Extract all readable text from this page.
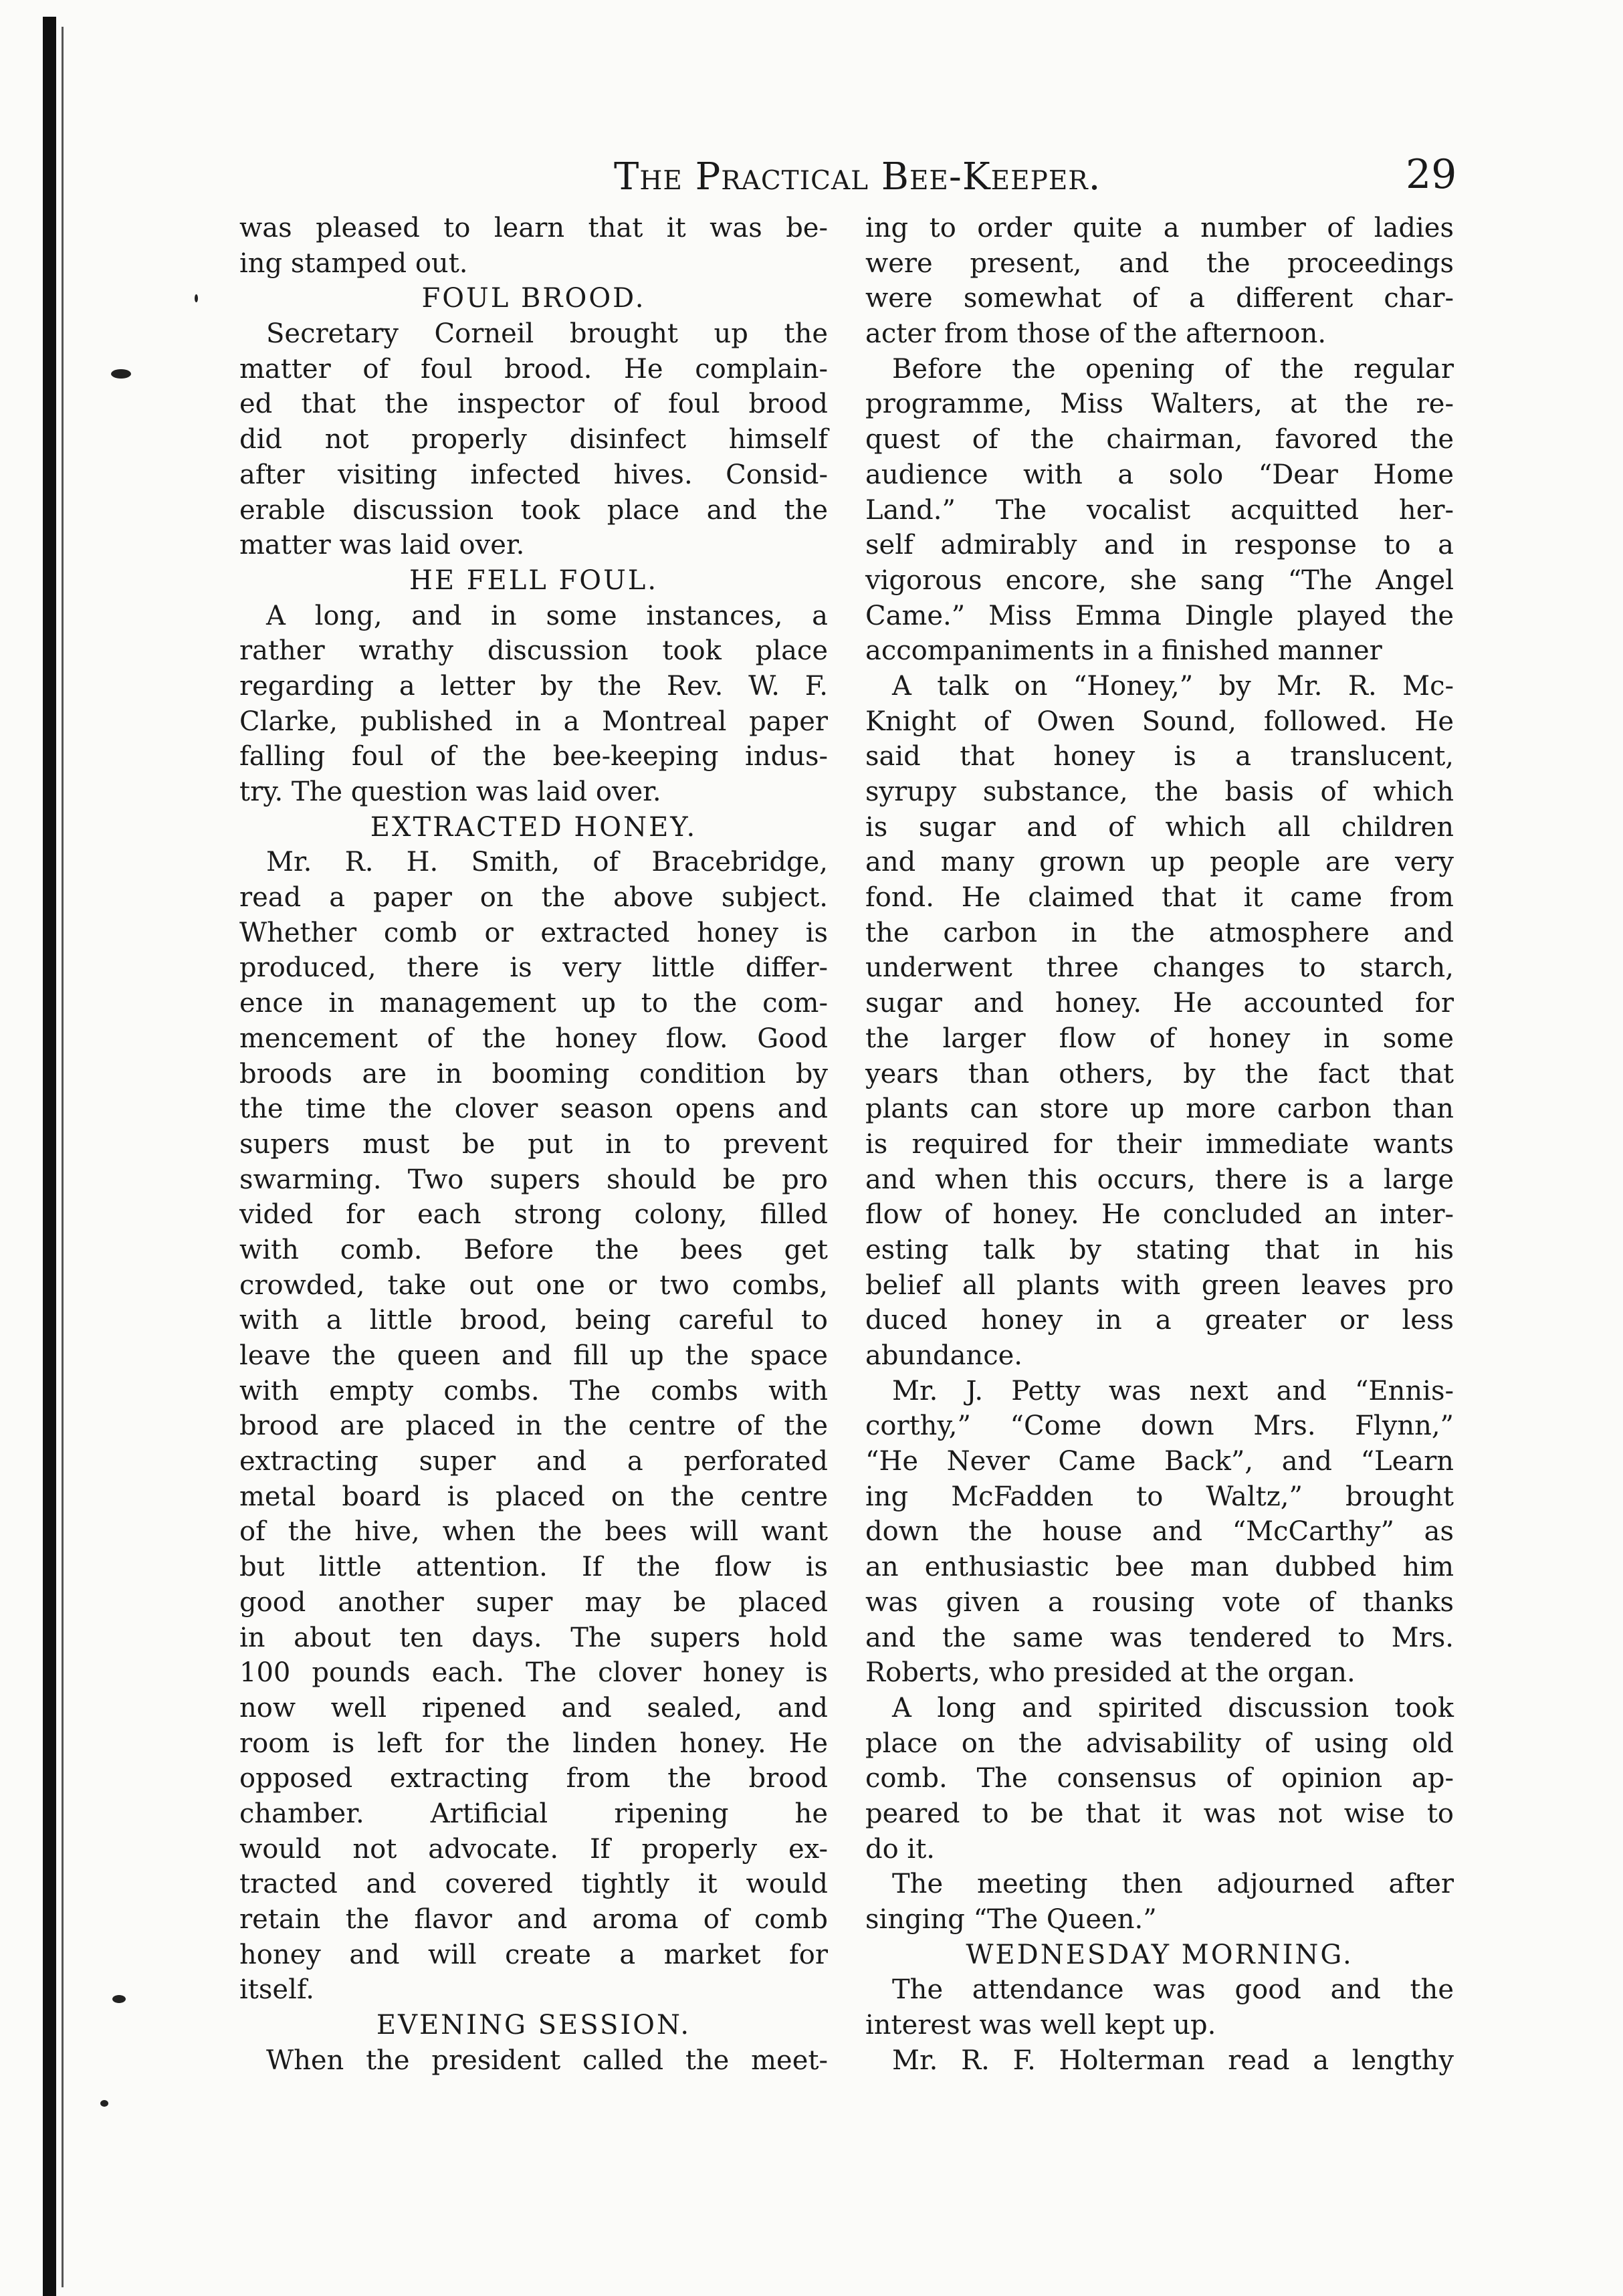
The Practical Bee-Keeper.	29
was pleased to learn that it was be-
ing stamped out.
FOUL BROOD.
Secretary Corneil brought up the
matter of foul brood. He complain-
ed that the inspector of foul brood
did not properly disinfect himself
after visiting infected hives. Consid-
erable discussion took place and the
matter was laid over.
HE FELL FOUL.
A long, and in some instances, a
rather wrathy discussion took place
regarding a letter by the Rev. W. F.
Clarke, published in a Montreal paper
falling foul of the bee-keeping indus-
try. The question was laid over.
EXTRACTED HONEY.
Mr. R. H. Smith, of Bracebridge,
read a paper on the above subject.
Whether comb or extracted honey is
produced, there is very little differ-
ence in management up to the com-
mencement of the honey flow. Good
broods are in booming condition by
the time the clover season opens and
supers must be put in to prevent
swarming. Two supers should be pro
vided for each strong colony, filled
with comb. Before the bees get
crowded, take out one or two combs,
with a little brood, being careful to
leave the queen and fill up the space
with empty combs. The combs with
brood are placed in the centre of the
extracting super and a perforated
metal board is placed on the centre
of the hive, when the bees will want
but little attention. If the flow is
good another super may be placed
in about ten days. The supers hold
100 pounds each. The clover honey is
now well ripened and sealed, and
room is left for the linden honey. He
opposed extracting from the brood
chamber. Artificial ripening he
would not advocate. If properly ex-
tracted and covered tightly it would
retain the flavor and aroma of comb
honey and will create a market for
itself.
EVENING SESSION.
When the president called the meet-
ing to order quite a number of ladies
were present, and the proceedings
were somewhat of a different char-
acter from those of the afternoon.
Before the opening of the regular
programme, Miss Walters, at the re-
quest of the chairman, favored the
audience with a solo “Dear Home
Land.” The vocalist acquitted her-
self admirably and in response to a
vigorous encore, she sang “The Angel
Came.” Miss Emma Dingle played the
accompaniments in a finished manner
A talk on “Honey,” by Mr. R. Mc-
Knight of Owen Sound, followed. He
said that honey is a translucent,
syrupy substance, the basis of which
is sugar and of which all children
and many grown up people are very
fond. He claimed that it came from
the carbon in the atmosphere and
underwent three changes to starch,
sugar and honey. He accounted for
the larger flow of honey in some
years than others, by the fact that
plants can store up more carbon than
is required for their immediate wants
and when this occurs, there is a large
flow of honey. He concluded an inter-
esting talk by stating that in his
belief all plants with green leaves pro
duced honey in a greater or less
abundance.
Mr. J. Petty was next and “Ennis-
corthy,” “Come down Mrs. Flynn,”
“He Never Came Back”, and “Learn
ing McFadden to Waltz,” brought
down the house and “McCarthy” as
an enthusiastic bee man dubbed him
was given a rousing vote of thanks
and the same was tendered to Mrs.
Roberts, who presided at the organ.
A long and spirited discussion took
place on the advisability of using old
comb. The consensus of opinion ap-
peared to be that it was not wise to
do it.
The meeting then adjourned after
singing “The Queen.”
WEDNESDAY MORNING.
The attendance was good and the
interest was well kept up.
Mr. R. F. Holterman read a lengthy
